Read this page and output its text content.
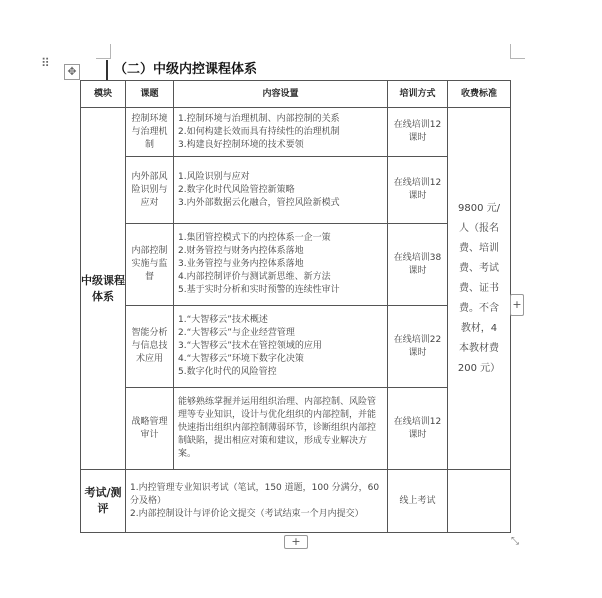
⠿
✥	（二）中级内控课程体系
模块	课题	内容设置	培训方式	收费标准
中级课程体系	控制环境与治理机制	1.控制环境与治理机制、内部控制的关系
2.如何构建长效而具有持续性的治理机制
3.构建良好控制环境的技术要领	在线培训12 课时	9800 元/人（报名费、培训费、考试费、证书费。不含教材，4 本教材费 200 元）
	内外部风险识别与应对	1.风险识别与应对
2.数字化时代风险管控新策略
3.内外部数据云化融合，管控风险新模式	在线培训12 课时	
	内部控制实施与监督	1.集团管控模式下的内控体系一企一策
2.财务管控与财务内控体系落地
3.业务管控与业务内控体系落地
4.内部控制评价与测试新思维、新方法
5.基于实时分析和实时预警的连续性审计	在线培训38 课时	
	智能分析与信息技术应用	1.“大智移云”技术概述
2.“大智移云”与企业经营管理
3.“大智移云”技术在管控领域的应用
4.“大智移云”环境下数字化决策
5.数字化时代的风险管控	在线培训22 课时	
	战略管理审计	能够熟练掌握并运用组织治理、内部控制、风险管理等专业知识，设计与优化组织的内部控制，并能快速指出组织内部控制薄弱环节，诊断组织内部控制缺陷，提出相应对策和建议，形成专业解决方案。	在线培训12 课时	
考试/测评	1.内控管理专业知识考试（笔试，150 道题，100 分满分，60 分及格）
2.内部控制设计与评价论文提交（考试结束一个月内提交）		线上考试	
+
+	⤡
